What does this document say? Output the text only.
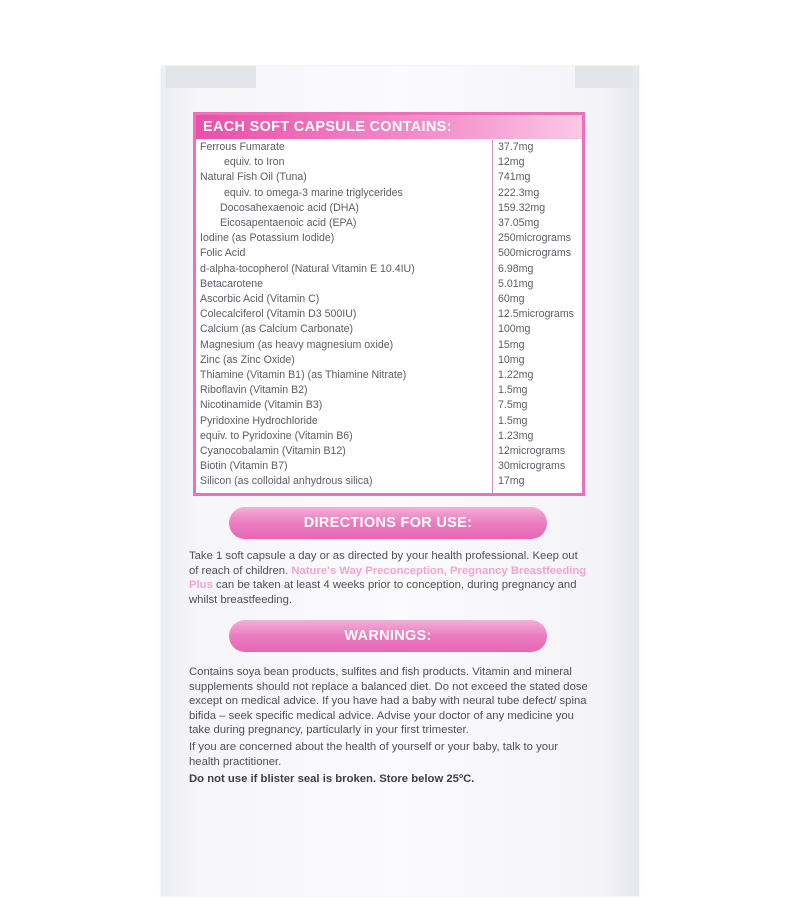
EACH SOFT CAPSULE CONTAINS:
Ferrous Fumarate	37.7mg
equiv. to Iron	12mg
Natural Fish Oil (Tuna)	741mg
equiv. to omega-3 marine triglycerides	222.3mg
Docosahexaenoic acid (DHA)	159.32mg
Eicosapentaenoic acid (EPA)	37.05mg
Iodine (as Potassium Iodide)	250micrograms
Folic Acid	500micrograms
d-alpha-tocopherol (Natural Vitamin E 10.4IU)	6.98mg
Betacarotene	5.01mg
Ascorbic Acid (Vitamin C)	60mg
Colecalciferol (Vitamin D3 500IU)	12.5micrograms
Calcium (as Calcium Carbonate)	100mg
Magnesium (as heavy magnesium oxide)	15mg
Zinc (as Zinc Oxide)	10mg
Thiamine (Vitamin B1) (as Thiamine Nitrate)	1.22mg
Riboflavin (Vitamin B2)	1.5mg
Nicotinamide (Vitamin B3)	7.5mg
Pyridoxine Hydrochloride	1.5mg
equiv. to Pyridoxine (Vitamin B6)	1.23mg
Cyanocobalamin (Vitamin B12)	12micrograms
Biotin (Vitamin B7)	30micrograms
Silicon (as colloidal anhydrous silica)	17mg
DIRECTIONS FOR USE:

Take 1 soft capsule a day or as directed by your health professional. Keep out of reach of children. Nature's Way Preconception, Pregnancy Breastfeeding Plus can be taken at least 4 weeks prior to conception, during pregnancy and whilst breastfeeding.

WARNINGS:

Contains soya bean products, sulfites and fish products. Vitamin and mineral supplements should not replace a balanced diet. Do not exceed the stated dose except on medical advice. If you have had a baby with neural tube defect/ spina bifida – seek specific medical advice. Advise your doctor of any medicine you take during pregnancy, particularly in your first trimester.

If you are concerned about the health of yourself or your baby, talk to your health practitioner.

Do not use if blister seal is broken. Store below 25ºC.
